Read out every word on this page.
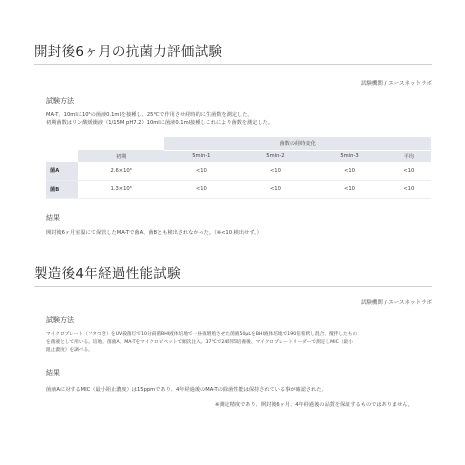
開封後6ヶ月の抗菌力評価試験
試験機関 / エースネットラボ
試験方法
MA-T、10mlに10⁵の菌液0.1mlを接種し、25℃で作用させ経時的に生菌数を測定した。
初期菌数はリン酸緩衝液（1/15M pH7.2）10mlに菌液0.1ml接種しこれにより菌数を測定した。
		菌数の経時変化			
	初期	5min-1	5min-2	5min-3	平均
菌A	2.6×10⁶	<10	<10	<10	<10
菌B	1.3×10⁶	<10	<10	<10	<10
結果
開封後6ヶ月室温にて保管したMA-Tで菌A、菌Bとも検出されなかった。（※<10 検出せず。）
製造後4年経過性能試験
試験機関 / エースネットラボ
試験方法
マイクロプレート（フタつき）をUV殺菌灯で10分殺菌BHI液体培地で一昼夜増殖させた菌液50μLをBHI液体培地で190倍希釈し混合、攪拌したもの
を菌液として用いる。培地、菌液A、MA-Tをマイクロピペットで順次注入。37℃で24時間培養後、マイクロプレートリーダーで測定しMIC（最小
阻止濃度）を調べる。
結果
菌液Aに対するMIC（最小阻止濃度）は15ppmであり、4年経過後のMA-Tの除菌性能は保持されている事が確認された。
※測定精度であり、開封後6ヶ月、4年経過後の品質を保証するものではありません。
